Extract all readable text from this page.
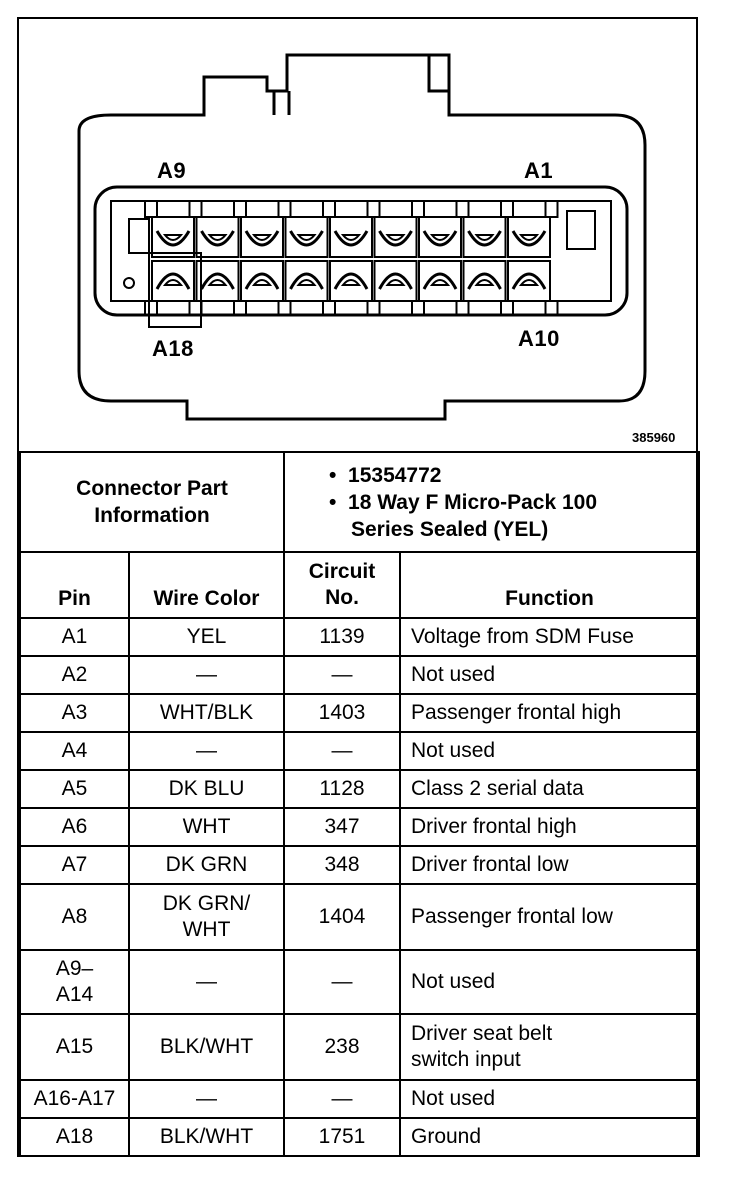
A9	A1
A18	A10
385960
Connector Part Information		•  15354772
•  18 Way F Micro-Pack 100 Series Sealed (YEL)	

Pin	Wire Color	Circuit No.	Function
A1	YEL	1139	Voltage from SDM Fuse
A2	—	—	Not used
A3	WHT/BLK	1403	Passenger frontal high
A4	—	—	Not used
A5	DK BLU	1128	Class 2 serial data
A6	WHT	347	Driver frontal high
A7	DK GRN	348	Driver frontal low
A8	DK GRN/ WHT	1404	Passenger frontal low
A9– A14	—	—	Not used
A15	BLK/WHT	238	Driver seat belt switch input
A16-A17	—	—	Not used
A18	BLK/WHT	1751	Ground
